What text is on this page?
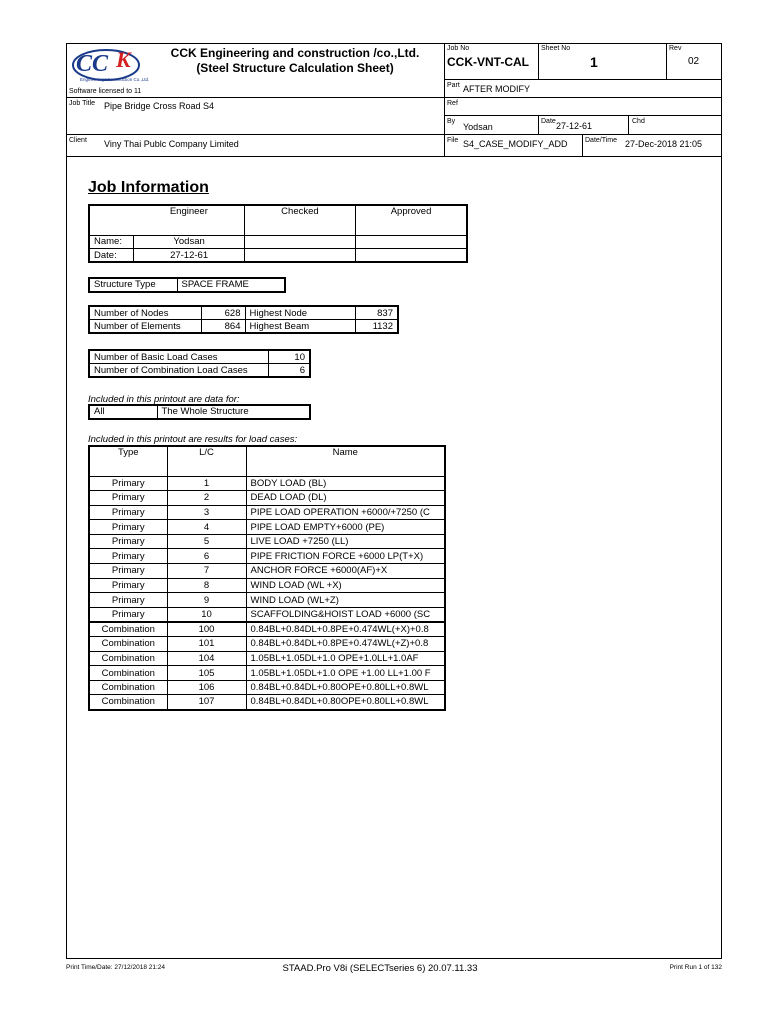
CC K
Engineering&Construction Co.,Ltd.
CCK Engineering and construction /co.,Ltd.
(Steel Structure Calculation Sheet)
Software licensed to 11
Job No
CCK-VNT-CAL
Sheet No
1
Rev
02
Part AFTER MODIFY
Job Title Pipe Bridge Cross Road S4	Ref
By
Yodsan
Date 27-12-61	Chd
Client Viny Thai Publc Company Limited	File S4_CASE_MODIFY_ADD Date/Time 27-Dec-2018 21:05
Job Information
	Engineer	Checked	Approved
Name:	Yodsan		
Date:	27-12-61		
Structure Type	SPACE FRAME
Number of Nodes	628	Highest Node	837
Number of Elements	864	Highest Beam	1132
Number of Basic Load Cases	10
Number of Combination Load Cases	6
Included in this printout are data for:
All	The Whole Structure
Included in this printout are results for load cases:
Type	L/C	Name
Primary	1	BODY LOAD (BL)
Primary	2	DEAD LOAD (DL)
Primary	3	PIPE LOAD OPERATION +6000/+7250 (C
Primary	4	PIPE LOAD EMPTY+6000 (PE)
Primary	5	LIVE LOAD +7250 (LL)
Primary	6	PIPE FRICTION FORCE +6000 LP(T+X)
Primary	7	ANCHOR FORCE +6000(AF)+X
Primary	8	WIND LOAD (WL +X)
Primary	9	WIND LOAD (WL+Z)
Primary	10	SCAFFOLDING&HOIST LOAD +6000 (SC
Combination	100	0.84BL+0.84DL+0.8PE+0.474WL(+X)+0.8
Combination	101	0.84BL+0.84DL+0.8PE+0.474WL(+Z)+0.8
Combination	104	1.05BL+1.05DL+1.0 OPE+1.0LL+1.0AF
Combination	105	1.05BL+1.05DL+1.0 OPE +1.00 LL+1.00 F
Combination	106	0.84BL+0.84DL+0.80OPE+0.80LL+0.8WL
Combination	107	0.84BL+0.84DL+0.80OPE+0.80LL+0.8WL
Print Time/Date: 27/12/2018 21:24	STAAD.Pro V8i (SELECTseries 6) 20.07.11.33	Print Run 1 of 132
